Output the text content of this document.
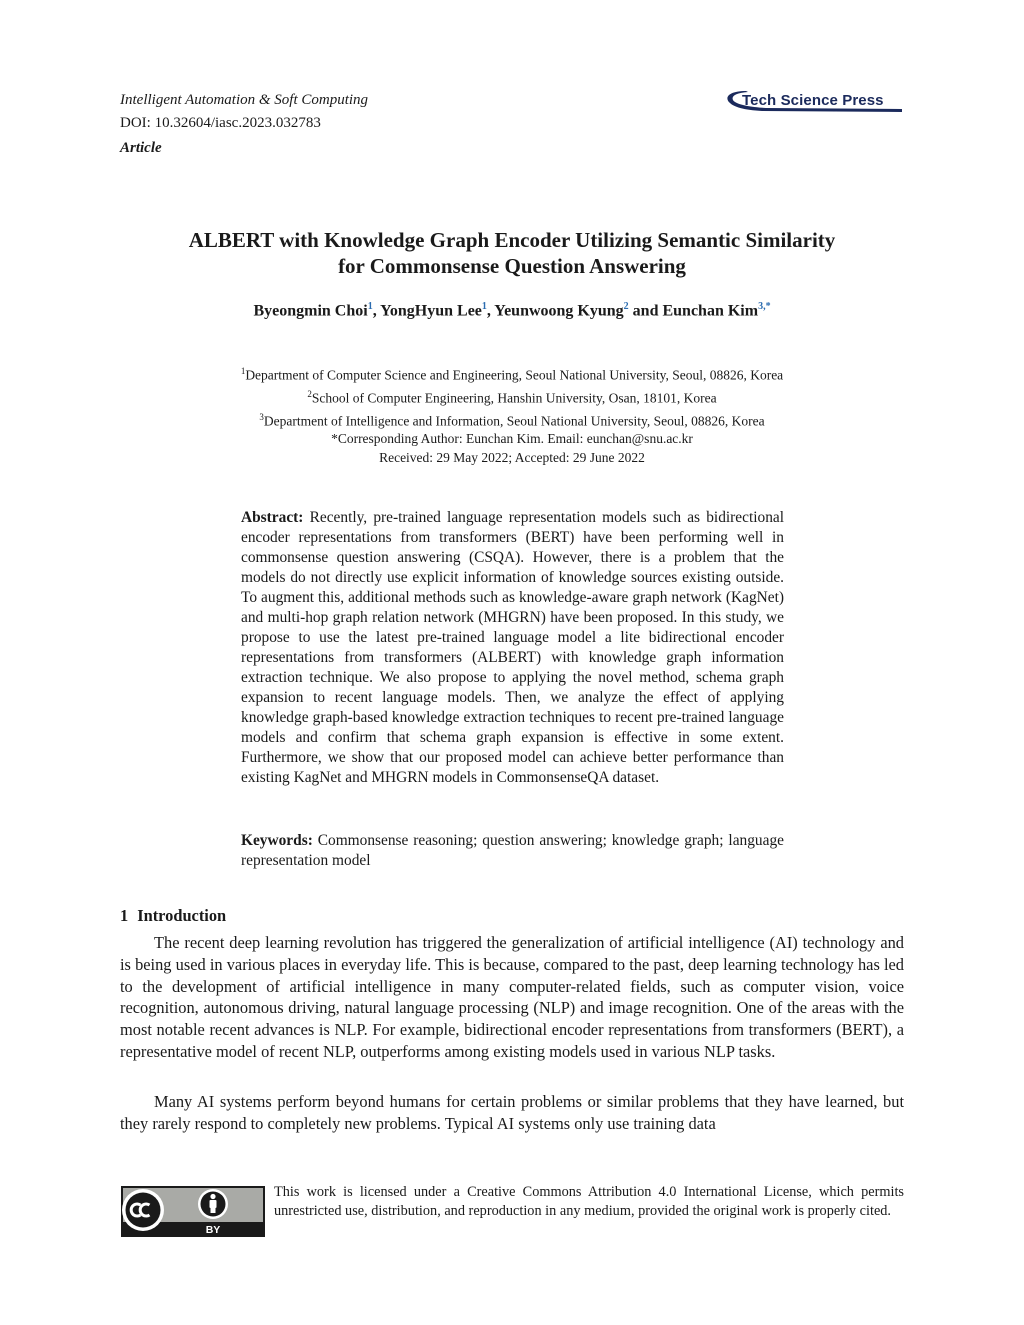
Intelligent Automation & Soft Computing
DOI: 10.32604/iasc.2023.032783
Article
Tech Science Press
ALBERT with Knowledge Graph Encoder Utilizing Semantic Similarity
for Commonsense Question Answering
Byeongmin Choi$^1$, YongHyun Lee$^1$, Yeunwoong Kyung$^2$ and Eunchan Kim$^{3,*}$
$^1$Department of Computer Science and Engineering, Seoul National University, Seoul, 08826, Korea
$^2$School of Computer Engineering, Hanshin University, Osan, 18101, Korea
$^3$Department of Intelligence and Information, Seoul National University, Seoul, 08826, Korea
*Corresponding Author: Eunchan Kim. Email: eunchan@snu.ac.kr
Received: 29 May 2022; Accepted: 29 June 2022
Abstract: Recently, pre-trained language representation models such as bidirectional encoder representations from transformers (BERT) have been performing well in commonsense question answering (CSQA). However, there is a problem that the models do not directly use explicit information of knowledge sources existing outside. To augment this, additional methods such as knowledge-aware graph network (KagNet) and multi-hop graph relation network (MHGRN) have been proposed. In this study, we propose to use the latest pre-trained language model a lite bidirectional encoder representations from transformers (ALBERT) with knowledge graph information extraction technique. We also propose to applying the novel method, schema graph expansion to recent language models. Then, we analyze the effect of applying knowledge graph-based knowledge extraction techniques to recent pre-trained language models and confirm that schema graph expansion is effective in some extent. Furthermore, we show that our proposed model can achieve better performance than existing KagNet and MHGRN models in CommonsenseQA dataset.
Keywords: Commonsense reasoning; question answering; knowledge graph; language representation model
1 Introduction

The recent deep learning revolution has triggered the generalization of artificial intelligence (AI) technology and is being used in various places in everyday life. This is because, compared to the past, deep learning technology has led to the development of artificial intelligence in many computer-related fields, such as computer vision, voice recognition, autonomous driving, natural language processing (NLP) and image recognition. One of the areas with the most notable recent advances is NLP. For example, bidirectional encoder representations from transformers (BERT), a representative model of recent NLP, outperforms among existing models used in various NLP tasks.

Many AI systems perform beyond humans for certain problems or similar problems that they have learned, but they rarely respond to completely new problems. Typical AI systems only use training data

BY
This work is licensed under a Creative Commons Attribution 4.0 International License, which permits unrestricted use, distribution, and reproduction in any medium, provided the original work is properly cited.
